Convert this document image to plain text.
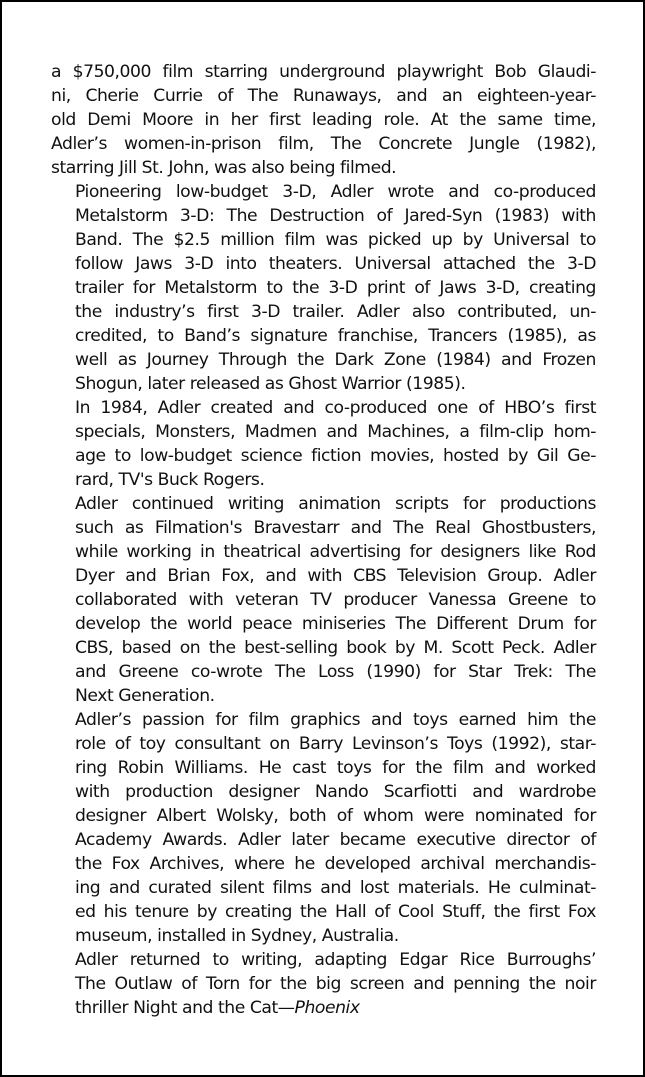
a $750,000 film starring underground playwright Bob Glaudi-
ni, Cherie Currie of The Runaways, and an eighteen-year-
old Demi Moore in her first leading role. At the same time,
Adler’s women-in-prison film, The Concrete Jungle (1982),
starring Jill St. John, was also being filmed.

Pioneering low-budget 3-D, Adler wrote and co-produced
Metalstorm 3-D: The Destruction of Jared-Syn (1983) with
Band. The $2.5 million film was picked up by Universal to
follow Jaws 3-D into theaters. Universal attached the 3-D
trailer for Metalstorm to the 3-D print of Jaws 3-D, creating
the industry’s first 3-D trailer. Adler also contributed, un-
credited, to Band’s signature franchise, Trancers (1985), as
well as Journey Through the Dark Zone (1984) and Frozen
Shogun, later released as Ghost Warrior (1985).

In 1984, Adler created and co-produced one of HBO’s first
specials, Monsters, Madmen and Machines, a film-clip hom-
age to low-budget science fiction movies, hosted by Gil Ge-
rard, TV's Buck Rogers.

Adler continued writing animation scripts for productions
such as Filmation's Bravestarr and The Real Ghostbusters,
while working in theatrical advertising for designers like Rod
Dyer and Brian Fox, and with CBS Television Group. Adler
collaborated with veteran TV producer Vanessa Greene to
develop the world peace miniseries The Different Drum for
CBS, based on the best-selling book by M. Scott Peck. Adler
and Greene co-wrote The Loss (1990) for Star Trek: The
Next Generation.

Adler’s passion for film graphics and toys earned him the
role of toy consultant on Barry Levinson’s Toys (1992), star-
ring Robin Williams. He cast toys for the film and worked
with production designer Nando Scarfiotti and wardrobe
designer Albert Wolsky, both of whom were nominated for
Academy Awards. Adler later became executive director of
the Fox Archives, where he developed archival merchandis-
ing and curated silent films and lost materials. He culminat-
ed his tenure by creating the Hall of Cool Stuff, the first Fox
museum, installed in Sydney, Australia.

Adler returned to writing, adapting Edgar Rice Burroughs’
The Outlaw of Torn for the big screen and penning the noir
thriller Night and the Cat—Phoenix
